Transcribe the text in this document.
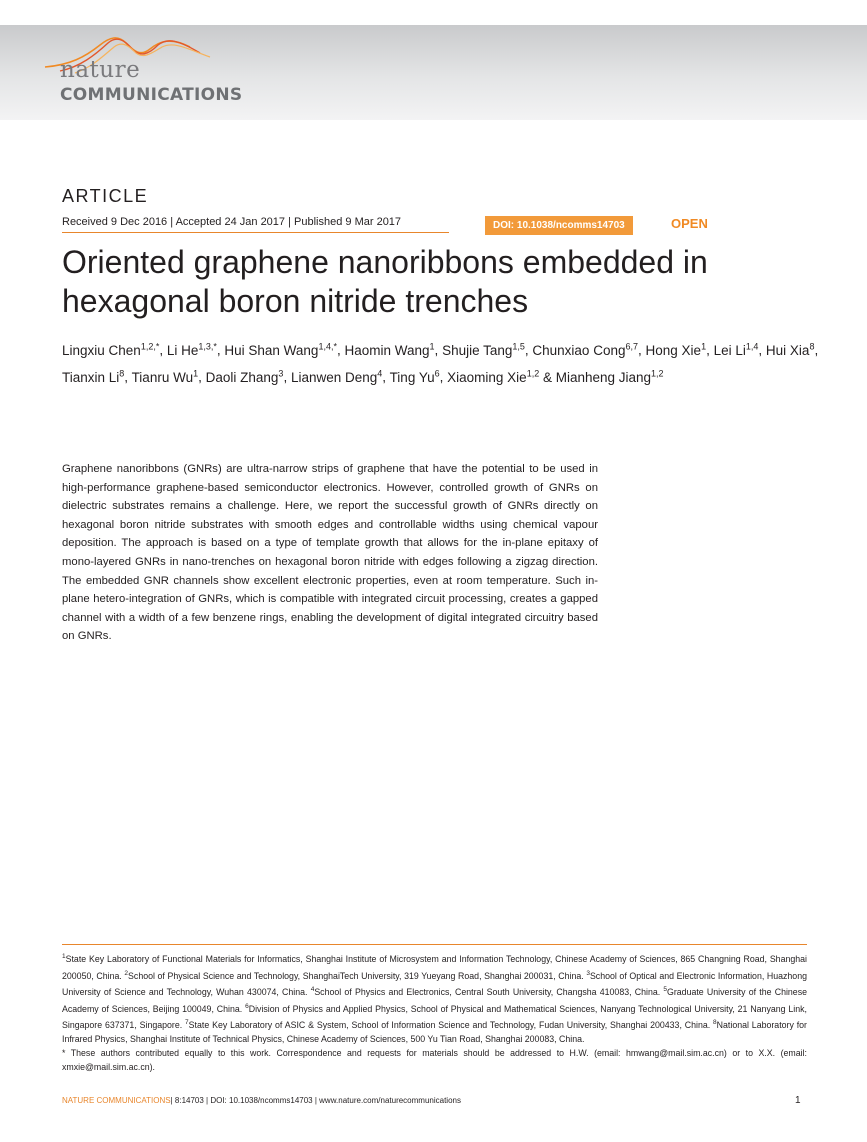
nature
COMMUNICATIONS
ARTICLE
Received 9 Dec 2016 | Accepted 24 Jan 2017 | Published 9 Mar 2017	DOI: 10.1038/ncomms14703	OPEN
Oriented graphene nanoribbons embedded in hexagonal boron nitride trenches

Lingxiu Chen$^{1,2,*}$, Li $He^{1,3,*}$, Hui Shan Wang$^{1,4,*}$, Haomin Wang$^1$, Shujie Tang$^{1,5}$, Chunxiao Cong$^{6,7}$, Hong Xie$^1$, Lei Li$^{1,4}$, Hui Xia$^8$, Tianxin Li$^8$, Tianru Wu$^1$, Daoli Zhang$^3$, Lianwen Deng$^4$, Ting Yu$^6$, Xiaoming Xie$^{1,2}$ & Mianheng Jiang$^{1,2}$

Graphene nanoribbons (GNRs) are ultra-narrow strips of graphene that have the potential to be used in high-performance graphene-based semiconductor electronics. However, controlled growth of GNRs on dielectric substrates remains a challenge. Here, we report the successful growth of GNRs directly on hexagonal boron nitride substrates with smooth edges and controllable widths using chemical vapour deposition. The approach is based on a type of template growth that allows for the in-plane epitaxy of mono-layered GNRs in nano-trenches on hexagonal boron nitride with edges following a zigzag direction. The embedded GNR channels show excellent electronic properties, even at room temperature. Such in-plane hetero-integration of GNRs, which is compatible with integrated circuit processing, creates a gapped channel with a width of a few benzene rings, enabling the development of digital integrated circuitry based on GNRs.

$^1$State Key Laboratory of Functional Materials for Informatics, Shanghai Institute of Microsystem and Information Technology, Chinese Academy of Sciences, 865 Changning Road, Shanghai 200050, China. $^2$School of Physical Science and Technology, ShanghaiTech University, 319 Yueyang Road, Shanghai 200031, China. $^3$School of Optical and Electronic Information, Huazhong University of Science and Technology, Wuhan 430074, China. $^4$School of Physics and Electronics, Central South University, Changsha 410083, China. $^5$Graduate University of the Chinese Academy of Sciences, Beijing 100049, China. $^6$Division of Physics and Applied Physics, School of Physical and Mathematical Sciences, Nanyang Technological University, 21 Nanyang Link, Singapore 637371, Singapore. $^7$State Key Laboratory of ASIC & System, School of Information Science and Technology, Fudan University, Shanghai 200433, China. $^8$National Laboratory for Infrared Physics, Shanghai Institute of Technical Physics, Chinese Academy of Sciences, 500 Yu Tian Road, Shanghai 200083, China.
* These authors contributed equally to this work. Correspondence and requests for materials should be addressed to H.W. (email: hmwang@mail.sim.ac.cn) or to X.X. (email: xmxie@mail.sim.ac.cn).

NATURE COMMUNICATIONS| 8:14703 | DOI: 10.1038/ncomms14703 | www.nature.com/naturecommunications	1
